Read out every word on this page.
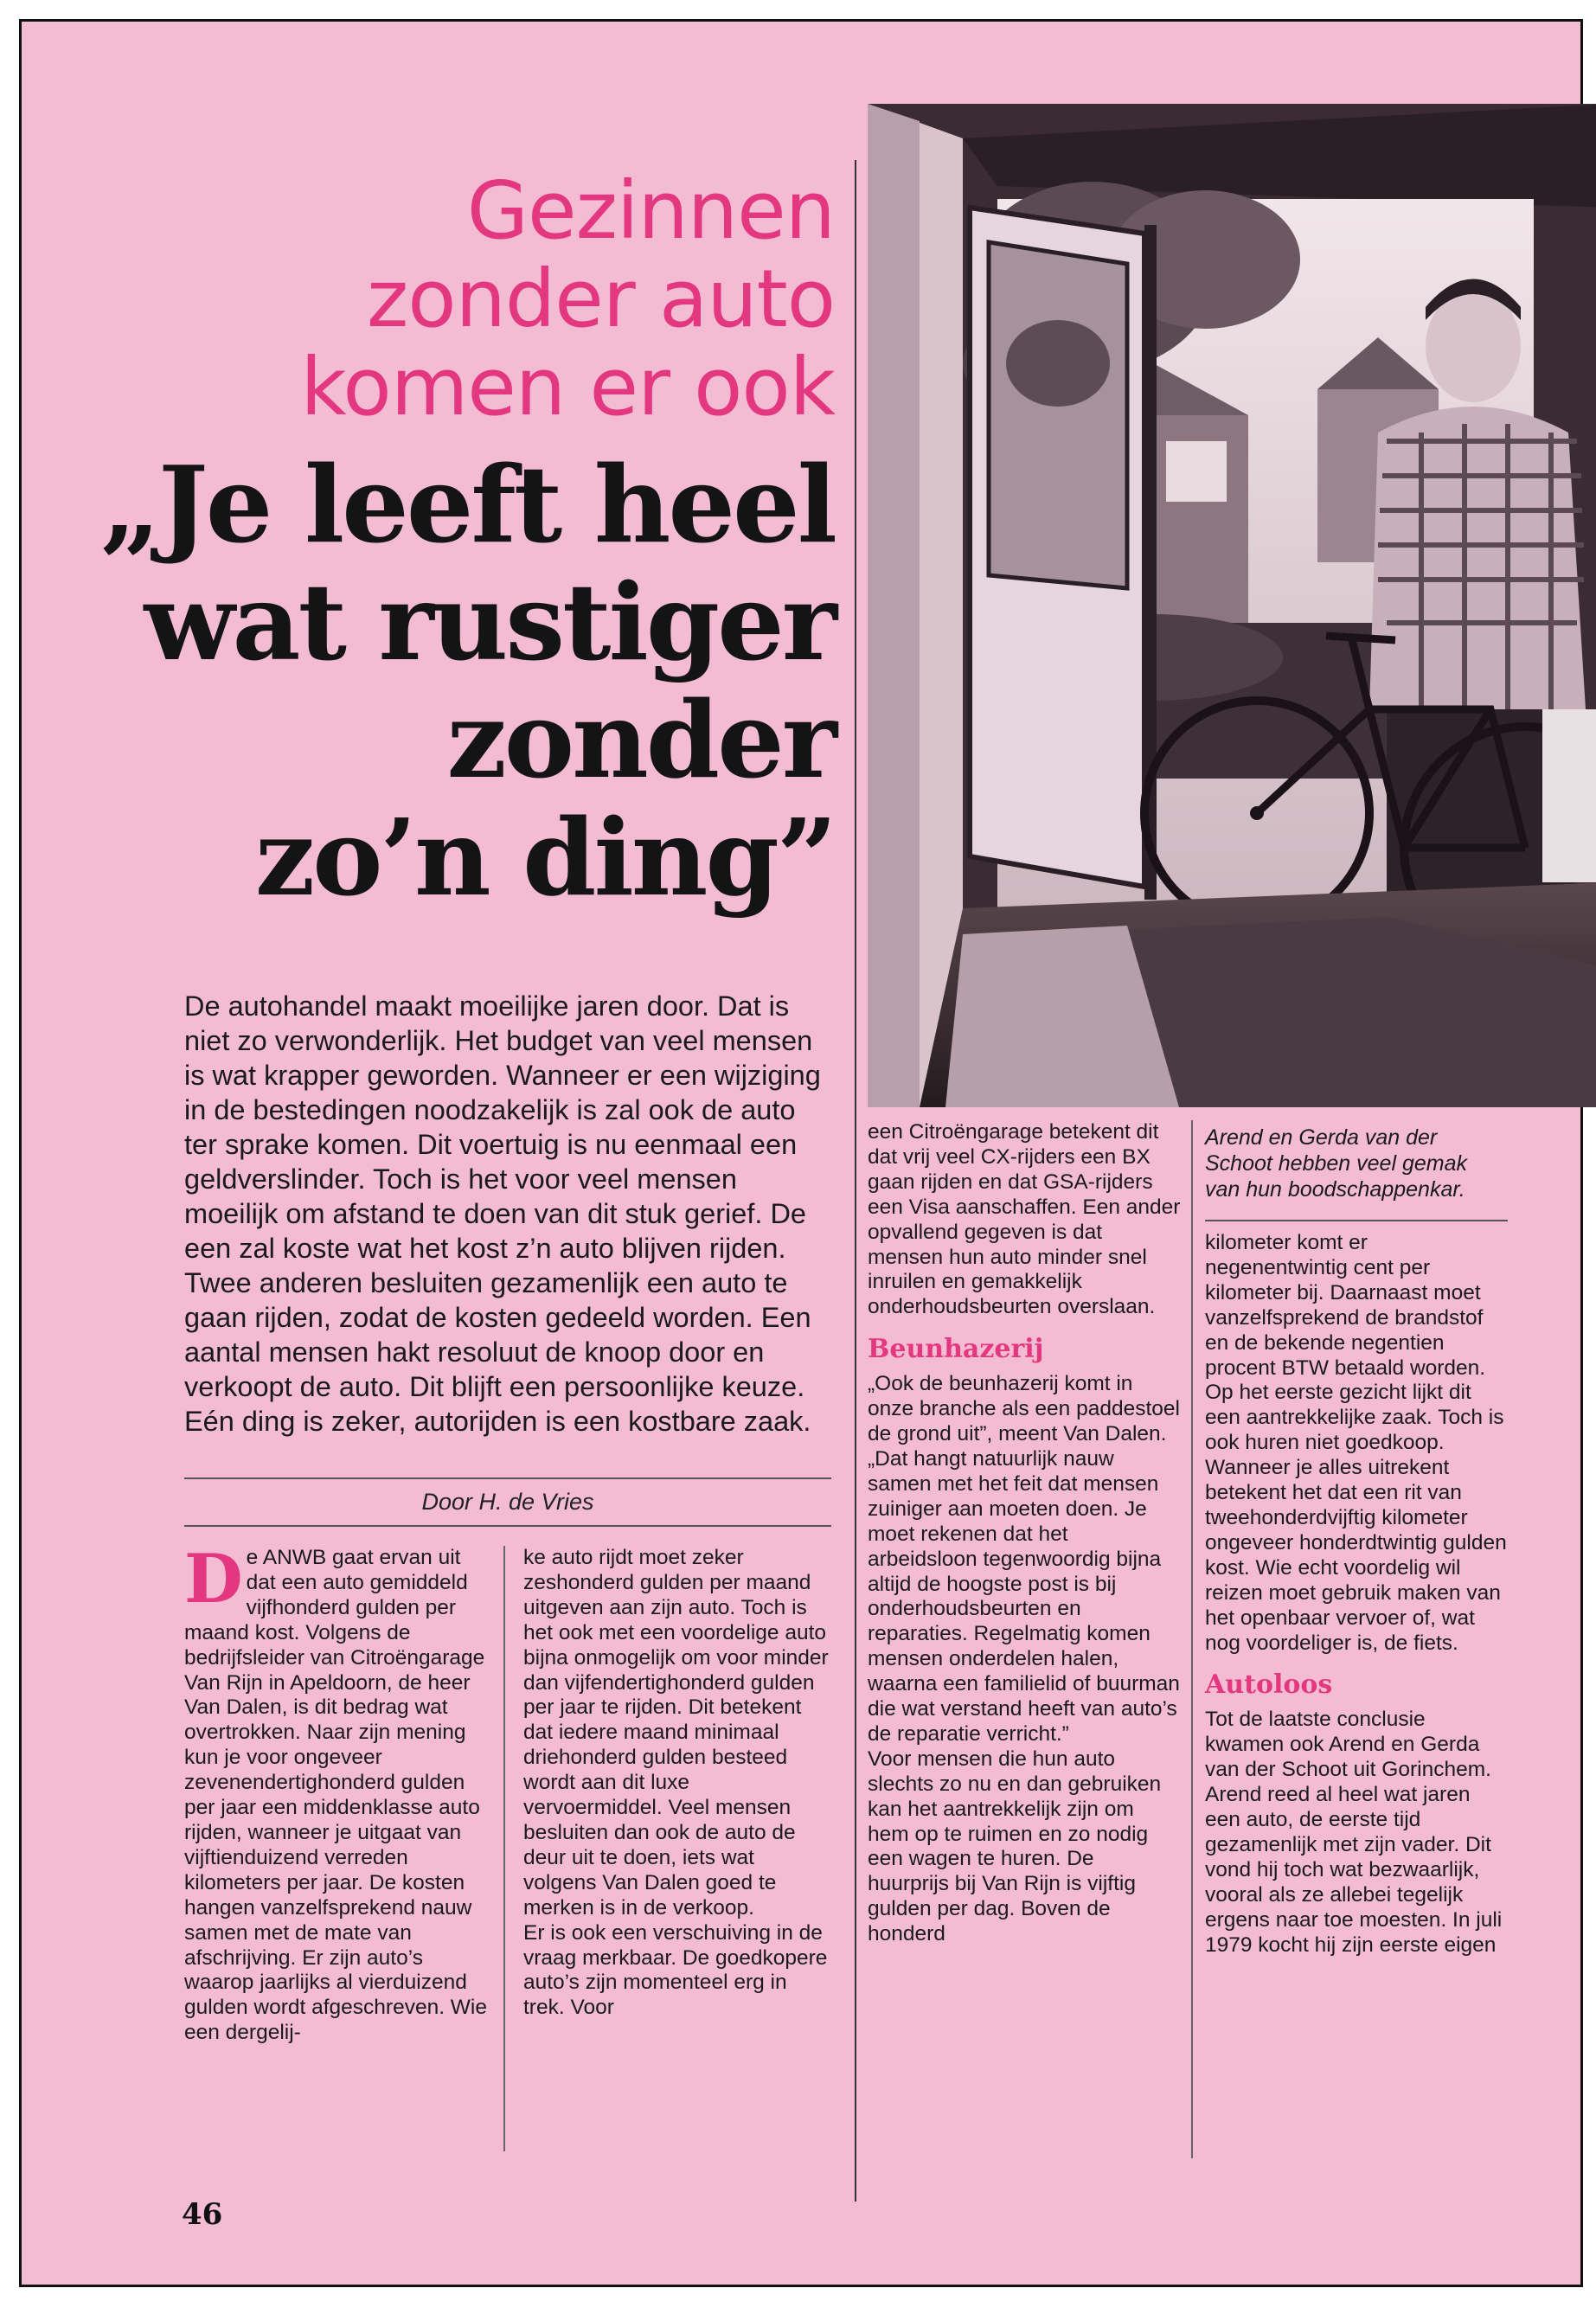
Gezinnen
zonder auto
komen er ook
„Je leeft heel
wat rustiger
zonder
zo’n ding”
De autohandel maakt moeilijke jaren door. Dat is niet zo verwonderlijk. Het budget van veel mensen is wat krapper geworden. Wanneer er een wijziging in de bestedingen noodzakelijk is zal ook de auto ter sprake komen. Dit voertuig is nu eenmaal een geldverslinder. Toch is het voor veel mensen moeilijk om afstand te doen van dit stuk gerief. De een zal koste wat het kost z’n auto blijven rijden. Twee anderen besluiten gezamenlijk een auto te gaan rijden, zodat de kosten gedeeld worden. Een aantal mensen hakt resoluut de knoop door en verkoopt de auto. Dit blijft een persoonlijke keuze. Eén ding is zeker, autorijden is een kostbare zaak.
Door H. de Vries

De ANWB gaat ervan uit dat een auto gemiddeld vijfhonderd gulden per maand kost. Volgens de bedrijfsleider van Citroëngarage Van Rijn in Apeldoorn, de heer Van Dalen, is dit bedrag wat overtrokken. Naar zijn mening kun je voor ongeveer zevenendertighonderd gulden per jaar een middenklasse auto rijden, wanneer je uitgaat van vijftienduizend verreden kilometers per jaar. De kosten hangen vanzelfsprekend nauw samen met de mate van afschrijving. Er zijn auto’s waarop jaarlijks al vierduizend gulden wordt afgeschreven. Wie een dergelij-

ke auto rijdt moet zeker zeshonderd gulden per maand uitgeven aan zijn auto. Toch is het ook met een voordelige auto bijna onmogelijk om voor minder dan vijfendertighonderd gulden per jaar te rijden. Dit betekent dat iedere maand minimaal driehonderd gulden besteed wordt aan dit luxe vervoermiddel. Veel mensen besluiten dan ook de auto de deur uit te doen, iets wat volgens Van Dalen goed te merken is in de verkoop.

Er is ook een verschuiving in de vraag merkbaar. De goedkopere auto’s zijn momenteel erg in trek. Voor

een Citroëngarage betekent dit dat vrij veel CX-rijders een BX gaan rijden en dat GSA-rijders een Visa aanschaffen. Een ander opvallend gegeven is dat mensen hun auto minder snel inruilen en gemakkelijk onderhoudsbeurten overslaan.

Beunhazerij

„Ook de beunhazerij komt in onze branche als een paddestoel de grond uit”, meent Van Dalen. „Dat hangt natuurlijk nauw samen met het feit dat mensen zuiniger aan moeten doen. Je moet rekenen dat het arbeidsloon tegenwoordig bijna altijd de hoogste post is bij onderhoudsbeurten en reparaties. Regelmatig komen mensen onderdelen halen, waarna een familielid of buurman die wat verstand heeft van auto’s de reparatie verricht.”

Voor mensen die hun auto slechts zo nu en dan gebruiken kan het aantrekkelijk zijn om hem op te ruimen en zo nodig een wagen te huren. De huurprijs bij Van Rijn is vijftig gulden per dag. Boven de honderd

Arend en Gerda van der Schoot hebben veel gemak van hun boodschappenkar.

kilometer komt er negenentwintig cent per kilometer bij. Daarnaast moet vanzelfsprekend de brandstof en de bekende negentien procent BTW betaald worden. Op het eerste gezicht lijkt dit een aantrekkelijke zaak. Toch is ook huren niet goedkoop. Wanneer je alles uitrekent betekent het dat een rit van tweehonderdvijftig kilometer ongeveer honderdtwintig gulden kost. Wie echt voordelig wil reizen moet gebruik maken van het openbaar vervoer of, wat nog voordeliger is, de fiets.

Autoloos

Tot de laatste conclusie kwamen ook Arend en Gerda van der Schoot uit Gorinchem. Arend reed al heel wat jaren een auto, de eerste tijd gezamenlijk met zijn vader. Dit vond hij toch wat bezwaarlijk, vooral als ze allebei tegelijk ergens naar toe moesten. In juli 1979 kocht hij zijn eerste eigen

46
